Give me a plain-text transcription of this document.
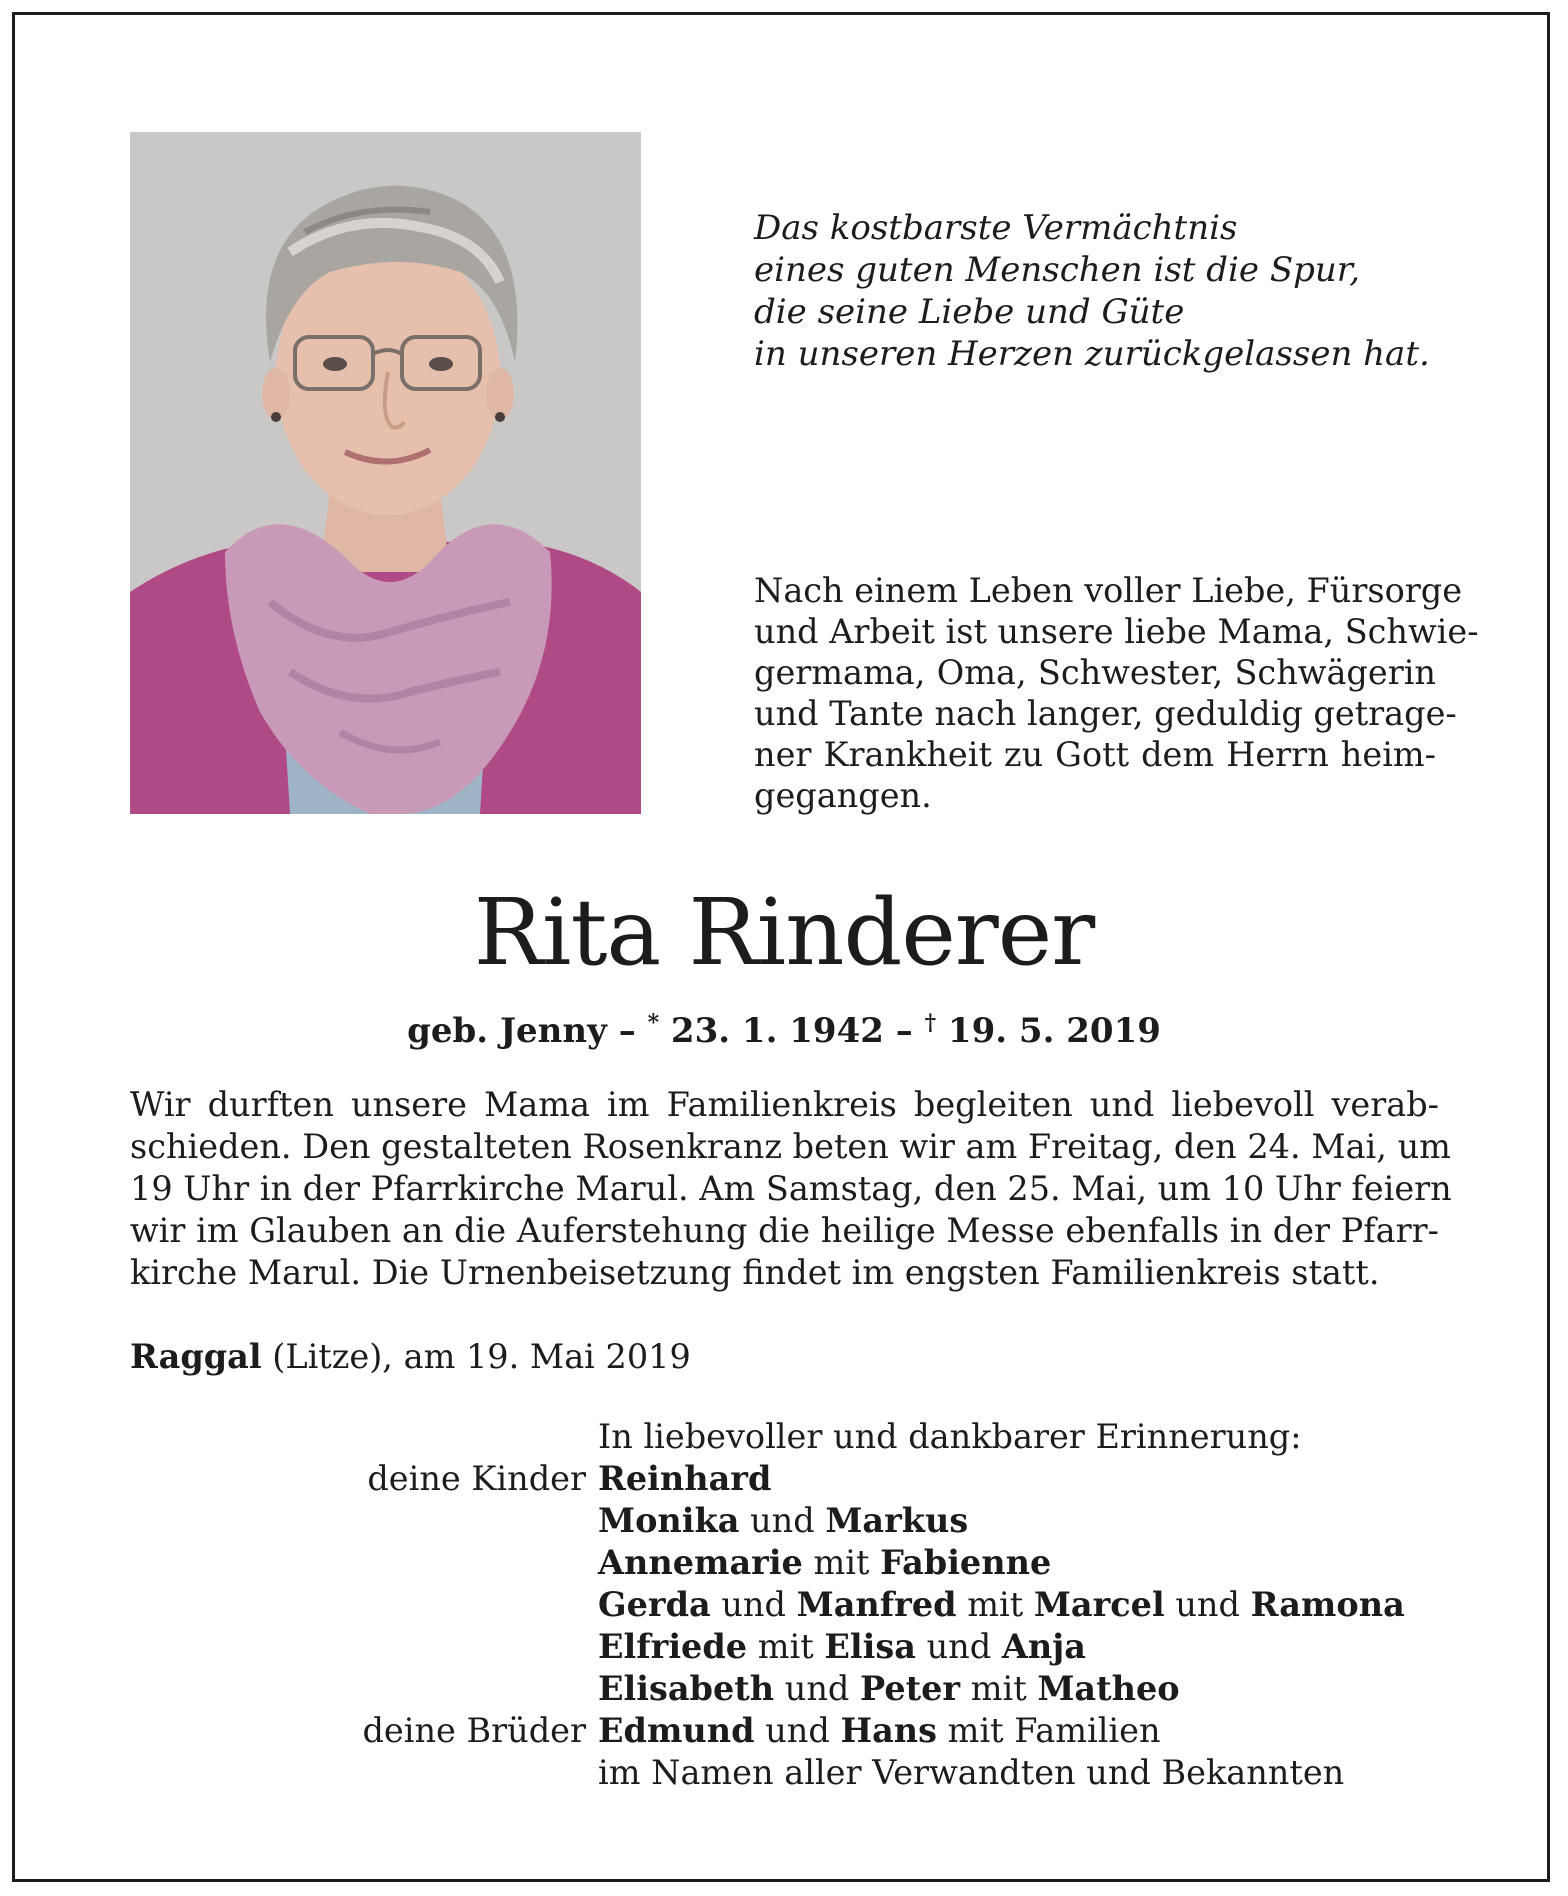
Das kostbarste Vermächtnis
eines guten Menschen ist die Spur,
die seine Liebe und Güte
in unseren Herzen zurückgelassen hat.

Nach einem Leben voller Liebe, Fürsorge
und Arbeit ist unsere liebe Mama, Schwie-
germama, Oma, Schwester, Schwägerin
und Tante nach langer, geduldig getrage-
ner Krankheit zu Gott dem Herrn heim-
gegangen.

Rita Rinderer

geb. Jenny – * 23. 1. 1942 – † 19. 5. 2019

Wir durften unsere Mama im Familienkreis begleiten und liebevoll verab-
schieden. Den gestalteten Rosenkranz beten wir am Freitag, den 24. Mai, um
19 Uhr in der Pfarrkirche Marul. Am Samstag, den 25. Mai, um 10 Uhr feiern
wir im Glauben an die Auferstehung die heilige Messe ebenfalls in der Pfarr-
kirche Marul. Die Urnenbeisetzung findet im engsten Familienkreis statt.

Raggal (Litze), am 19. Mai 2019

In liebevoller und dankbarer Erinnerung:
deine Kinder Reinhard
Monika und Markus
Annemarie mit Fabienne
Gerda und Manfred mit Marcel und Ramona
Elfriede mit Elisa und Anja
Elisabeth und Peter mit Matheo
deine Brüder Edmund und Hans mit Familien
im Namen aller Verwandten und Bekannten
